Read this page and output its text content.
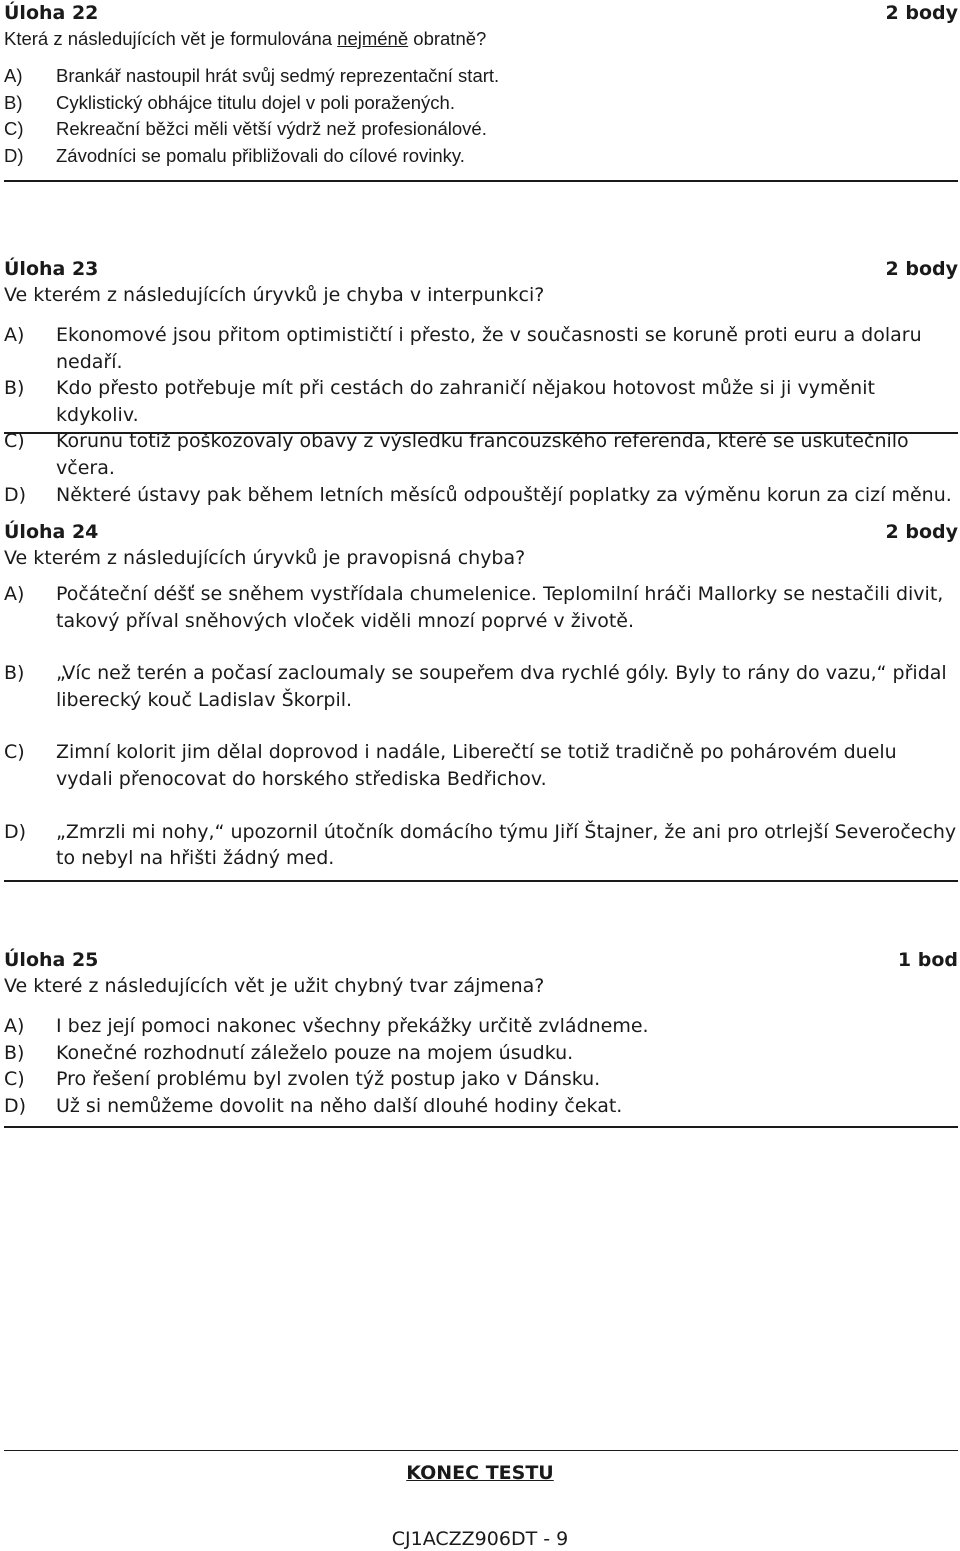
Úloha 22	2 body
Která z následujících vět je formulována nejméně obratně?
A)	Brankář nastoupil hrát svůj sedmý reprezentační start.
B)	Cyklistický obhájce titulu dojel v poli poražených.
C)	Rekreační běžci měli větší výdrž než profesionálové.
D)	Závodníci se pomalu přibližovali do cílové rovinky.
Úloha 23	2 body
Ve kterém z následujících úryvků je chyba v interpunkci?
A)	Ekonomové jsou přitom optimističtí i přesto, že v současnosti se koruně proti euru a dolaru nedaří.
B)	Kdo přesto potřebuje mít při cestách do zahraničí nějakou hotovost může si ji vyměnit kdykoliv.
C)	Korunu totiž poškozovaly obavy z výsledku francouzského referenda, které se uskutečnilo včera.
D)	Některé ústavy pak během letních měsíců odpouštějí poplatky za výměnu korun za cizí měnu.
Úloha 24	2 body
Ve kterém z následujících úryvků je pravopisná chyba?
A)	Počáteční déšť se sněhem vystřídala chumelenice. Teplomilní hráči Mallorky se nestačili divit, takový příval sněhových vloček viděli mnozí poprvé v životě.
B)	„Víc než terén a počasí zacloumaly se soupeřem dva rychlé góly. Byly to rány do vazu,“ přidal liberecký kouč Ladislav Škorpil.
C)	Zimní kolorit jim dělal doprovod i nadále, Liberečtí se totiž tradičně po pohárovém duelu vydali přenocovat do horského střediska Bedřichov.
D)	„Zmrzli mi nohy,“ upozornil útočník domácího týmu Jiří Štajner, že ani pro otrlejší Severočechy to nebyl na hřišti žádný med.
Úloha 25	1 bod
Ve které z následujících vět je užit chybný tvar zájmena?
A)	I bez její pomoci nakonec všechny překážky určitě zvládneme.
B)	Konečné rozhodnutí záleželo pouze na mojem úsudku.
C)	Pro řešení problému byl zvolen týž postup jako v Dánsku.
D)	Už si nemůžeme dovolit na něho další dlouhé hodiny čekat.
KONEC TESTU
CJ1ACZZ906DT - 9
